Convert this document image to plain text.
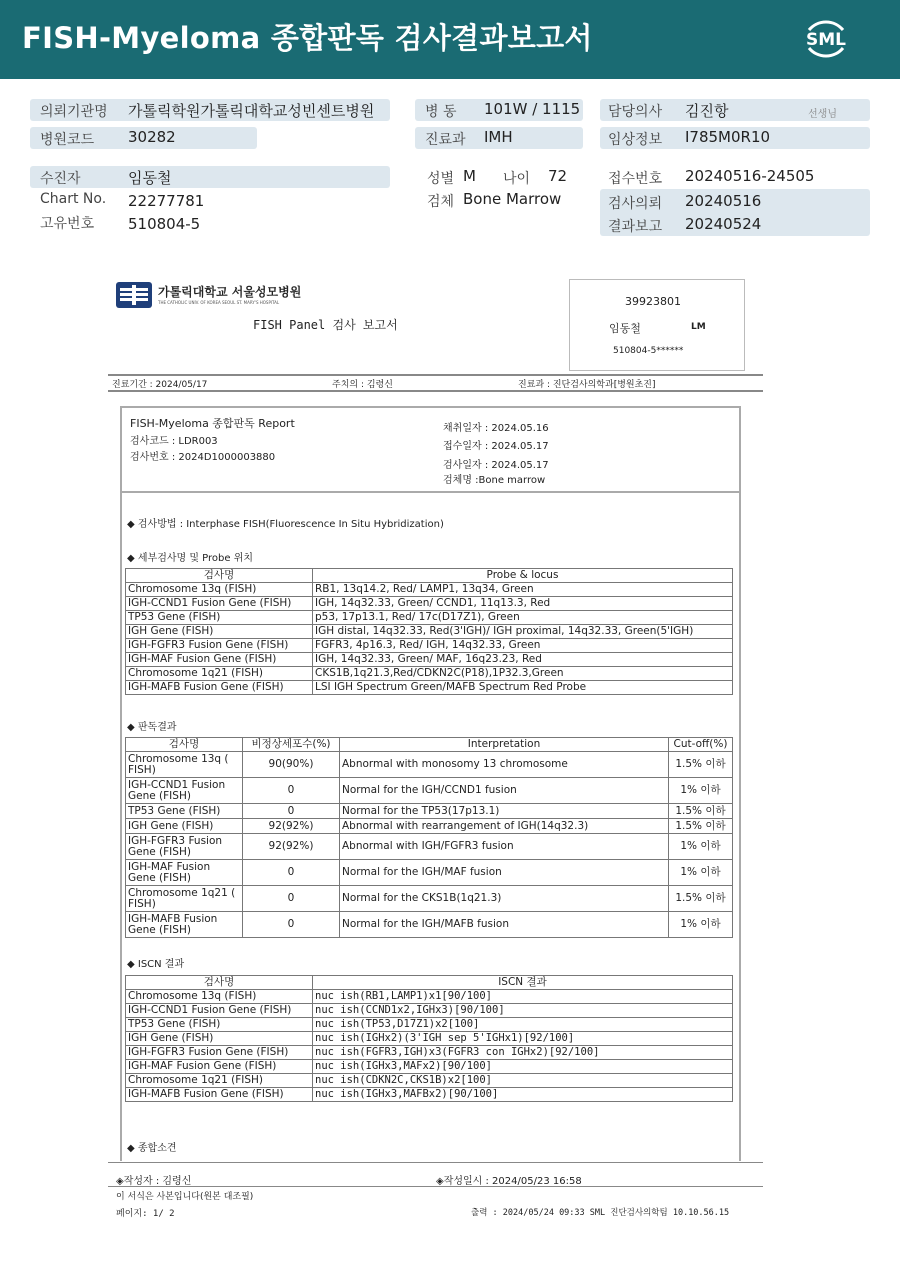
FISH-Myeloma 종합판독 검사결과보고서	SML
의뢰기관명 가톨릭학원가톨릭대학교성빈센트병원
병원코드 30282
병 동 101W / 1115
진료과 IMH
담당의사 김진항	선생님
임상정보 I785M0R10
수진자	임동철
Chart No. 22277781
고유번호 510804-5
성별 M 나이 72
검체 Bone Marrow
접수번호 20240516-24505
검사의뢰 20240516
결과보고 20240524
가톨릭대학교 서울성모병원
THE CATHOLIC UNIV. OF KOREA SEOUL ST. MARY'S HOSPITAL
FISH Panel 검사 보고서
39923801
임동철	LM
510804-5******
진료기간 : 2024/05/17	주치의 : 김령신	진료과 : 진단검사의학과[병원초진]
FISH-Myeloma 종합판독 Report
검사코드 : LDR003
검사번호 : 2024D1000003880
채취일자 : 2024.05.16
접수일자 : 2024.05.17
검사일자 : 2024.05.17
검체명 :Bone marrow
◆ 검사방법 : Interphase FISH(Fluorescence In Situ Hybridization)
◆ 세부검사명 및 Probe 위치
검사명	Probe & locus
Chromosome 13q (FISH)	RB1, 13q14.2, Red/ LAMP1, 13q34, Green
IGH-CCND1 Fusion Gene (FISH)	IGH, 14q32.33, Green/ CCND1, 11q13.3, Red
TP53 Gene (FISH)	p53, 17p13.1, Red/ 17c(D17Z1), Green
IGH Gene (FISH)	IGH distal, 14q32.33, Red(3'IGH)/ IGH proximal, 14q32.33, Green(5'IGH)
IGH-FGFR3 Fusion Gene (FISH)	FGFR3, 4p16.3, Red/ IGH, 14q32.33, Green
IGH-MAF Fusion Gene (FISH)	IGH, 14q32.33, Green/ MAF, 16q23.23, Red
Chromosome 1q21 (FISH)	CKS1B,1q21.3,Red/CDKN2C(P18),1P32.3,Green
IGH-MAFB Fusion Gene (FISH)	LSI IGH Spectrum Green/MAFB Spectrum Red Probe
◆ 판독결과
검사명	비정상세포수(%)	Interpretation	Cut-off(%)
Chromosome 13q ( FISH)	90(90%)	Abnormal with monosomy 13 chromosome	1.5% 이하
IGH-CCND1 Fusion Gene (FISH)	0	Normal for the IGH/CCND1 fusion	1% 이하
TP53 Gene (FISH)	0	Normal for the TP53(17p13.1)	1.5% 이하
IGH Gene (FISH)	92(92%)	Abnormal with rearrangement of IGH(14q32.3)	1.5% 이하
IGH-FGFR3 Fusion Gene (FISH)	92(92%)	Abnormal with IGH/FGFR3 fusion	1% 이하
IGH-MAF Fusion Gene (FISH)	0	Normal for the IGH/MAF fusion	1% 이하
Chromosome 1q21 ( FISH)	0	Normal for the CKS1B(1q21.3)	1.5% 이하
IGH-MAFB Fusion Gene (FISH)	0	Normal for the IGH/MAFB fusion	1% 이하
◆ ISCN 결과
검사명	ISCN 결과
Chromosome 13q (FISH)	nuc ish(RB1,LAMP1)x1[90/100]
IGH-CCND1 Fusion Gene (FISH)	nuc ish(CCND1x2,IGHx3)[90/100]
TP53 Gene (FISH)	nuc ish(TP53,D17Z1)x2[100]
IGH Gene (FISH)	nuc ish(IGHx2)(3'IGH sep 5'IGHx1)[92/100]
IGH-FGFR3 Fusion Gene (FISH)	nuc ish(FGFR3,IGH)x3(FGFR3 con IGHx2)[92/100]
IGH-MAF Fusion Gene (FISH)	nuc ish(IGHx3,MAFx2)[90/100]
Chromosome 1q21 (FISH)	nuc ish(CDKN2C,CKS1B)x2[100]
IGH-MAFB Fusion Gene (FISH)	nuc ish(IGHx3,MAFBx2)[90/100]
◆ 종합소견
◈작성자 : 김령신	◈작성일시 : 2024/05/23 16:58
이 서식은 사본입니다(원본 대조필)
페이지: 1/ 2	출력 : 2024/05/24 09:33 SML 진단검사의학팀 10.10.56.15
